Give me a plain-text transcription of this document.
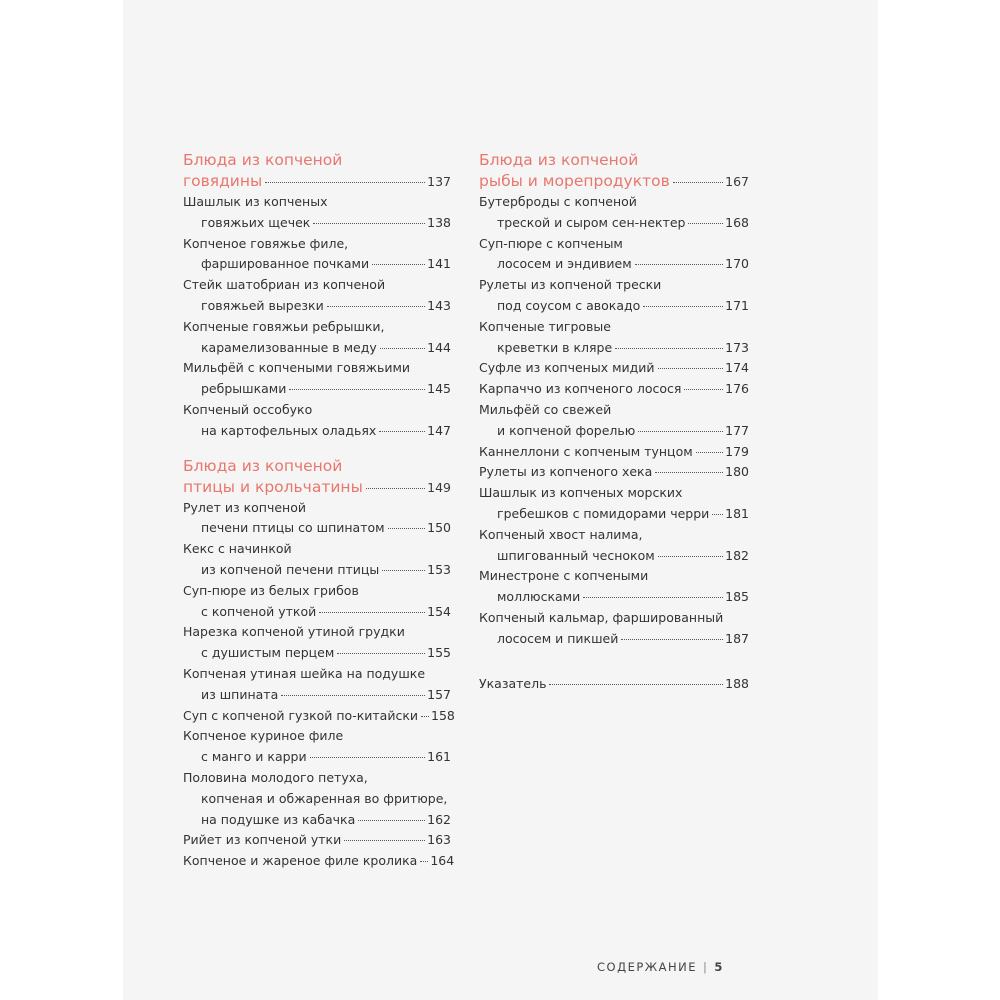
Блюда из копченой
говядины	137
Шашлык из копченых
говяжьих щечек	138
Копченое говяжье филе,
фаршированное почками	141
Стейк шатобриан из копченой
говяжьей вырезки	143
Копченые говяжьи ребрышки,
карамелизованные в меду	144
Мильфёй с копчеными говяжьими
ребрышками	145
Копченый оссобуко
на картофельных оладьях	147
Блюда из копченой
птицы и крольчатины	149
Рулет из копченой
печени птицы со шпинатом	150
Кекс с начинкой
из копченой печени птицы	153
Суп-пюре из белых грибов
с копченой уткой	154
Нарезка копченой утиной грудки
с душистым перцем	155
Копченая утиная шейка на подушке
из шпината	157
Суп с копченой гузкой по-китайски 158
Копченое куриное филе
с манго и карри	161
Половина молодого петуха,
копченая и обжаренная во фритюре,
на подушке из кабачка	162
Рийет из копченой утки	163
Копченое и жареное филе кролика 164
Блюда из копченой
рыбы и морепродуктов	167
Бутерброды с копченой
треской и сыром сен-нектер	168
Суп-пюре с копченым
лососем и эндивием	170
Рулеты из копченой трески
под соусом с авокадо	171
Копченые тигровые
креветки в кляре	173
Суфле из копченых мидий	174
Карпаччо из копченого лосося	176
Мильфёй со свежей
и копченой форелью	177
Каннеллони с копченым тунцом	179
Рулеты из копченого хека	180
Шашлык из копченых морских
гребешков с помидорами черри 181
Копченый хвост налима,
шпигованный чесноком	182
Минестроне с копчеными
моллюсками	185
Копченый кальмар, фаршированный
лососем и пикшей	187
Указатель	188
СОДЕРЖАНИЕ | 5
